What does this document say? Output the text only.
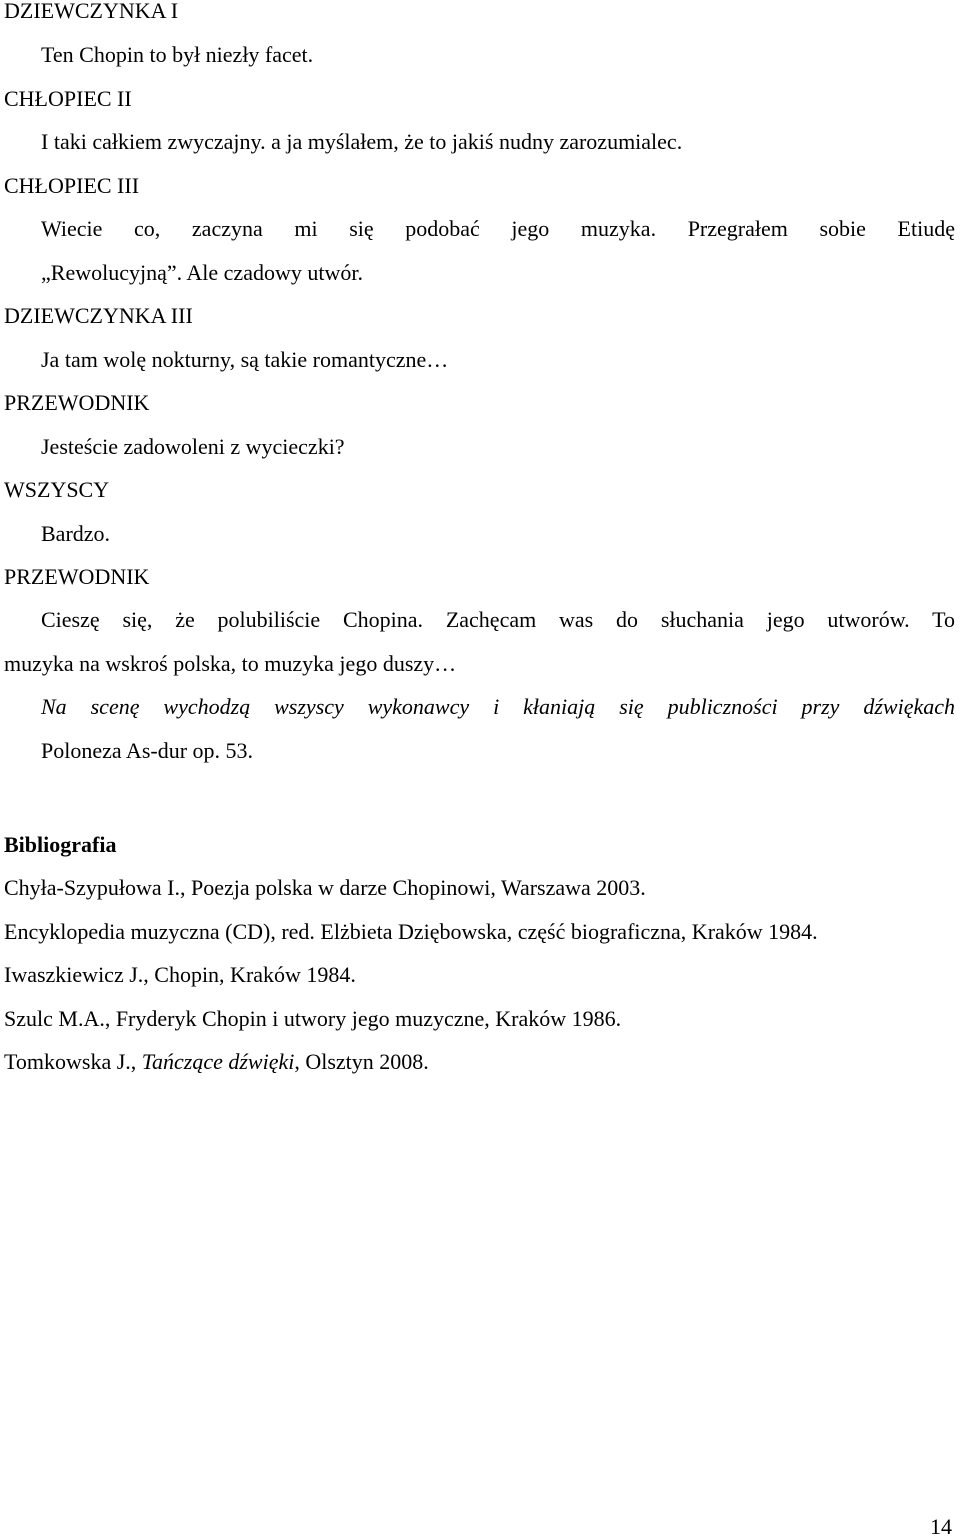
DZIEWCZYNKA I
Ten Chopin to był niezły facet.
CHŁOPIEC II
I taki całkiem zwyczajny. a ja myślałem, że to jakiś nudny zarozumialec.
CHŁOPIEC III
Wiecie co, zaczyna mi się podobać jego muzyka. Przegrałem sobie Etiudę
„Rewolucyjną”. Ale czadowy utwór.
DZIEWCZYNKA III
Ja tam wolę nokturny, są takie romantyczne…
PRZEWODNIK
Jesteście zadowoleni z wycieczki?
WSZYSCY
Bardzo.
PRZEWODNIK
Cieszę się, że polubiliście Chopina. Zachęcam was do słuchania jego utworów. To
muzyka na wskroś polska, to muzyka jego duszy…
Na scenę wychodzą wszyscy wykonawcy i kłaniają się publiczności przy dźwiękach
Poloneza As-dur op. 53.
Bibliografia
Chyła-Szypułowa I., Poezja polska w darze Chopinowi, Warszawa 2003.
Encyklopedia muzyczna (CD), red. Elżbieta Dziębowska, część biograficzna, Kraków 1984.
Iwaszkiewicz J., Chopin, Kraków 1984.
Szulc M.A., Fryderyk Chopin i utwory jego muzyczne, Kraków 1986.
Tomkowska J., Tańczące dźwięki, Olsztyn 2008.
14
